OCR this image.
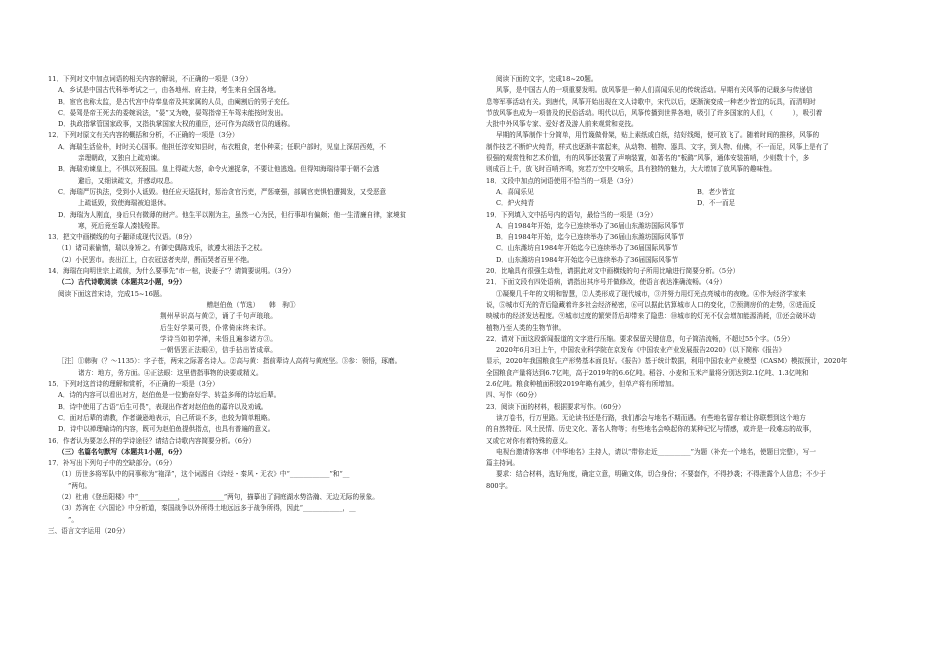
11．下列对文中加点词语的相关内容的解说，不正确的一项是（3分）
A．乡试是中国古代科举考试之一，由各地州、府主持，考生来自全国各地。
B．宦官也称太监，是古代宫中侍奉皇帝及其家属的人员，由阉割后的男子充任。
C．晏驾是帝王死去的委婉说法，“晏”又为晚，晏驾指帝王车驾未能按时发出。
D．执政指掌管国家政事，又指执掌国家大权的重臣，还可作为高级官员的通称。
12．下列对原文有关内容的概括和分析，不正确的一项是（3分）
A．海瑞生活俭朴，时时关心国事。他担任淳安知县时，布衣粗食，老仆种菜；任职户部时，见皇上深居西苑，不
亲理朝政，又独自上疏劝谏。
B．海瑞劝谏皇上，不惧以死报国。皇上得疏大怒，命令火速捉拿，不要让他逃逸。但得知海瑞待罪于朝不会逃
避后，又细读疏文，并感动叹息。
C．海瑞严厉执法，受到小人诋毁。他任应天巡抚时，惩治贪官污吏，严惩豪强，部属官吏惧怕遭揭发，又受恶意
上疏诋毁，致使海瑞被迫退休。
D．海瑞为人刚直，身后只有微薄的财产。他生平以刚为主，虽然一心为民，但行事却有偏颇；他一生清廉自律，家境贫
寒，死后竟至靠人凑钱殓葬。
13．把文中画横线的句子翻译成现代汉语。（8分）
（1）诸司素偷惰，瑞以身矫之。有御史偶陈戏乐，欲遵太祖法予之杖。
（2）小民罢市。丧出江上，白衣冠送者夹岸，酹而哭者百里不绝。
14．海瑞在向明世宗上疏前，为什么要事先“市一棺，诀妻子”？请简要说明。（3分）
（二）古代诗歌阅读（本题共2小题，9分）
阅读下面这首宋诗，完成15~16题。
赠赵伯鱼（节选）　　韩　驹①
荆州早识高与黄②，诵了千句声琅琅。
后生好学果可畏，仆常倚床终未详。
学诗当如初学禅，未悟且遍参诸方③。
一朝悟罢正法眼④，信手拈出皆成章。
［注］①韩驹（？～1135）：字子苍，两宋之际著名诗人。②高与黄：指前辈诗人高荷与黄庭坚。③参：领悟，琢磨。
诸方：地方，务方面。④正法眼：这里借指事物的诀要或精义。
15．下列对这首诗的理解和赏析，不正确的一项是（3分）
A．诗的内容可以看出对方，赵伯鱼是一位勤奋好学、转益多师的诗坛后辈。
B．诗中使用了古语“后生可畏”，表现出作者对赵伯鱼的嘉许以及劝诫。
C．面对后辈的请教，作者谦逊地表示，自己所谈不多，也较为简单粗略。
D．诗中以禅理喻诗的内容，既可为赵伯鱼提供指点，也具有普遍的意义。
16．作者认为要怎么样的学诗途径？请结合诗歌内容简要分析。（6分）
（三）名篇名句默写（本题共1小题，6分）
17．补写出下列句子中的空缺部分。（6分）
（1）历世多将军队中的同事称为“袍泽”，这个词源自《诗经・秦风・无衣》中“____________”和“__
”两句。
（2）杜甫《登岳阳楼》中“____________，____________”两句，描摹出了洞庭湖水势浩瀚、无边无际的景象。
（3）苏洵在《六国论》中分析道，秦国战争以外所得土地远远多于战争所得，因此“____________，__
”。
三、语言文字运用（20分）
阅读下面的文字，完成18~20题。
风筝，是中国古人的一项重要发明。放风筝是一种人们喜闻乐见的传统活动。早期有关风筝的记载多与传递信
息等军事活动有关。到唐代，风筝开始出现在文人诗歌中，宋代以后，逐渐演变成一种老少皆宜的玩具，而清明时
节放风筝也成为一项普及的民俗活动。明代以后，风筝传播到世界各地，吸引了许多国家的人们，（　　　），吸引着
大批中外风筝专家、爱好者及游人前来观赏和竞技。
早期的风筝制作十分简单，用竹篾做骨架，贴上素纸或白纸，结好线绳，便可放飞了。随着时间的推移，风筝的
制作技艺不断炉火纯青，样式也逐渐丰富起来，从动物、植物、器具、文字，到人物、仙佛，不一而足，风筝上是有了
很强的观赏性和艺术价值，有的风筝还装置了声响装置，如著名的“板鹞”风筝，通体安装笛哨，少则数十个，多
则成百上千，放飞时百哨齐鸣，宛若万空中交响乐，具有独特的魅力，大大增加了放风筝的趣味性。
18．文段中加点的词语使用不恰当的一项是（3分）
A．喜闻乐见	B．老少皆宜
C．炉火纯青	D．不一而足
19．下列填入文中括号内的语句，最恰当的一项是（3分）
A．自1984年开始，迄今已连续举办了36届山东潍坊国际风筝节
B．自1984年开始，迄今已连续举办了36届山东潍坊国际风筝节
C．山东潍坊自1984年开始迄今已连续举办了36届国际风筝节
D．山东潍坊自1984年开始迄今已连续举办了36届国际风筝节
20．比喻具有很强生动性，请据此对文中画横线的句子所用比喻进行简要分析。（5分）
21．下面文段有四处语病，请指出其序号并做修改，使语言表达准确流畅。（4分）
①凝聚几千年的文明和智慧，②人类形成了现代城市，③并努力用灯光点亮城市的夜晚。④作为经济学家来
说，⑤城市灯光的背后隐藏着许多社会经济秘密，⑥可以据此估算城市人口的变化，⑦预测房价的走势，⑧进而反
映城市的经济发达程度。⑨城市过度的繁荣背后却带来了隐患：⑩城市的灯光不仅会增加能源消耗，⑪还会破坏动
植物乃至人类的生物节律。
22．请对下面这段新闻报道的文字进行压缩。要求保留关键信息，句子简洁流畅，不超过55个字。（5分）
2020年6月3日上午，中国农业科学院在京发布《中国农业产业发展报告2020》（以下简称《报告》
显示，2020年我国粮食生产形势基本面良好。《报告》基于统计数据，利用中国农业产业模型（CASM）模拟预计，2020年
全国粮食产量将达到6.7亿吨，高于2019年的6.6亿吨。稻谷、小麦和玉米产量将分别达到2.1亿吨、1.3亿吨和
2.6亿吨。粮食种植面积较2019年略有减少，但单产将有所增加。
四、写作（60分）
23．阅读下面的材料，根据要求写作。（60分）
读万卷书，行万里路。无论读书还是行路，我们都会与地名不期而遇。有些地名留存着让你联想到这个地方
的自然特征、风土民情、历史文化、著名人物等；有些地名会唤起你的某种记忆与情感，或许是一段难忘的故事，
又或它对你有着特殊的意义。
电视台邀请你客串《中华地名》主持人，请以“带你走近__________”为题（补充一个地名，使题目完整），写一
篇主持词。
要求：结合材料，选好角度，确定立意，明确文体，切合身份；不要套作，不得抄袭；不得泄露个人信息；不少于
800字。
